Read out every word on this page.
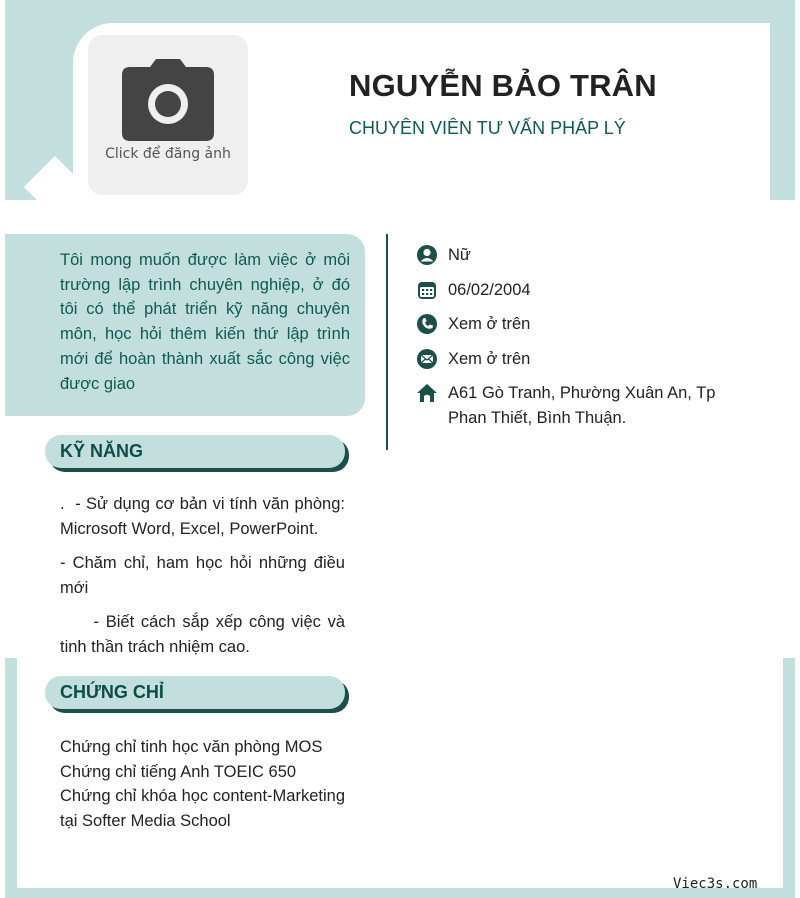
Click để đăng ảnh
NGUYỄN BẢO TRÂN
CHUYÊN VIÊN TƯ VẤN PHÁP LÝ

Tôi mong muốn được làm việc ở môi trường lập trình chuyên nghiệp, ở đó tôi có thể phát triển kỹ năng chuyên môn, học hỏi thêm kiến thứ lập trình mới để hoàn thành xuất sắc công việc được giao

Nữ
06/02/2004
Xem ở trên
Xem ở trên
A61 Gò Tranh, Phường Xuân An, Tp Phan Thiết, Bình Thuận.
KỸ NĂNG

.  - Sử dụng cơ bản vi tính văn phòng: Microsoft Word, Excel, PowerPoint.

- Chăm chỉ, ham học hỏi những điều mới

- Biết cách sắp xếp công việc và tinh thần trách nhiệm cao.

CHỨNG CHỈ

Chứng chỉ tinh học văn phòng MOS

Chứng chỉ tiếng Anh TOEIC 650

Chứng chỉ khóa học content-Marketing tại Softer Media School

Viec3s.com
